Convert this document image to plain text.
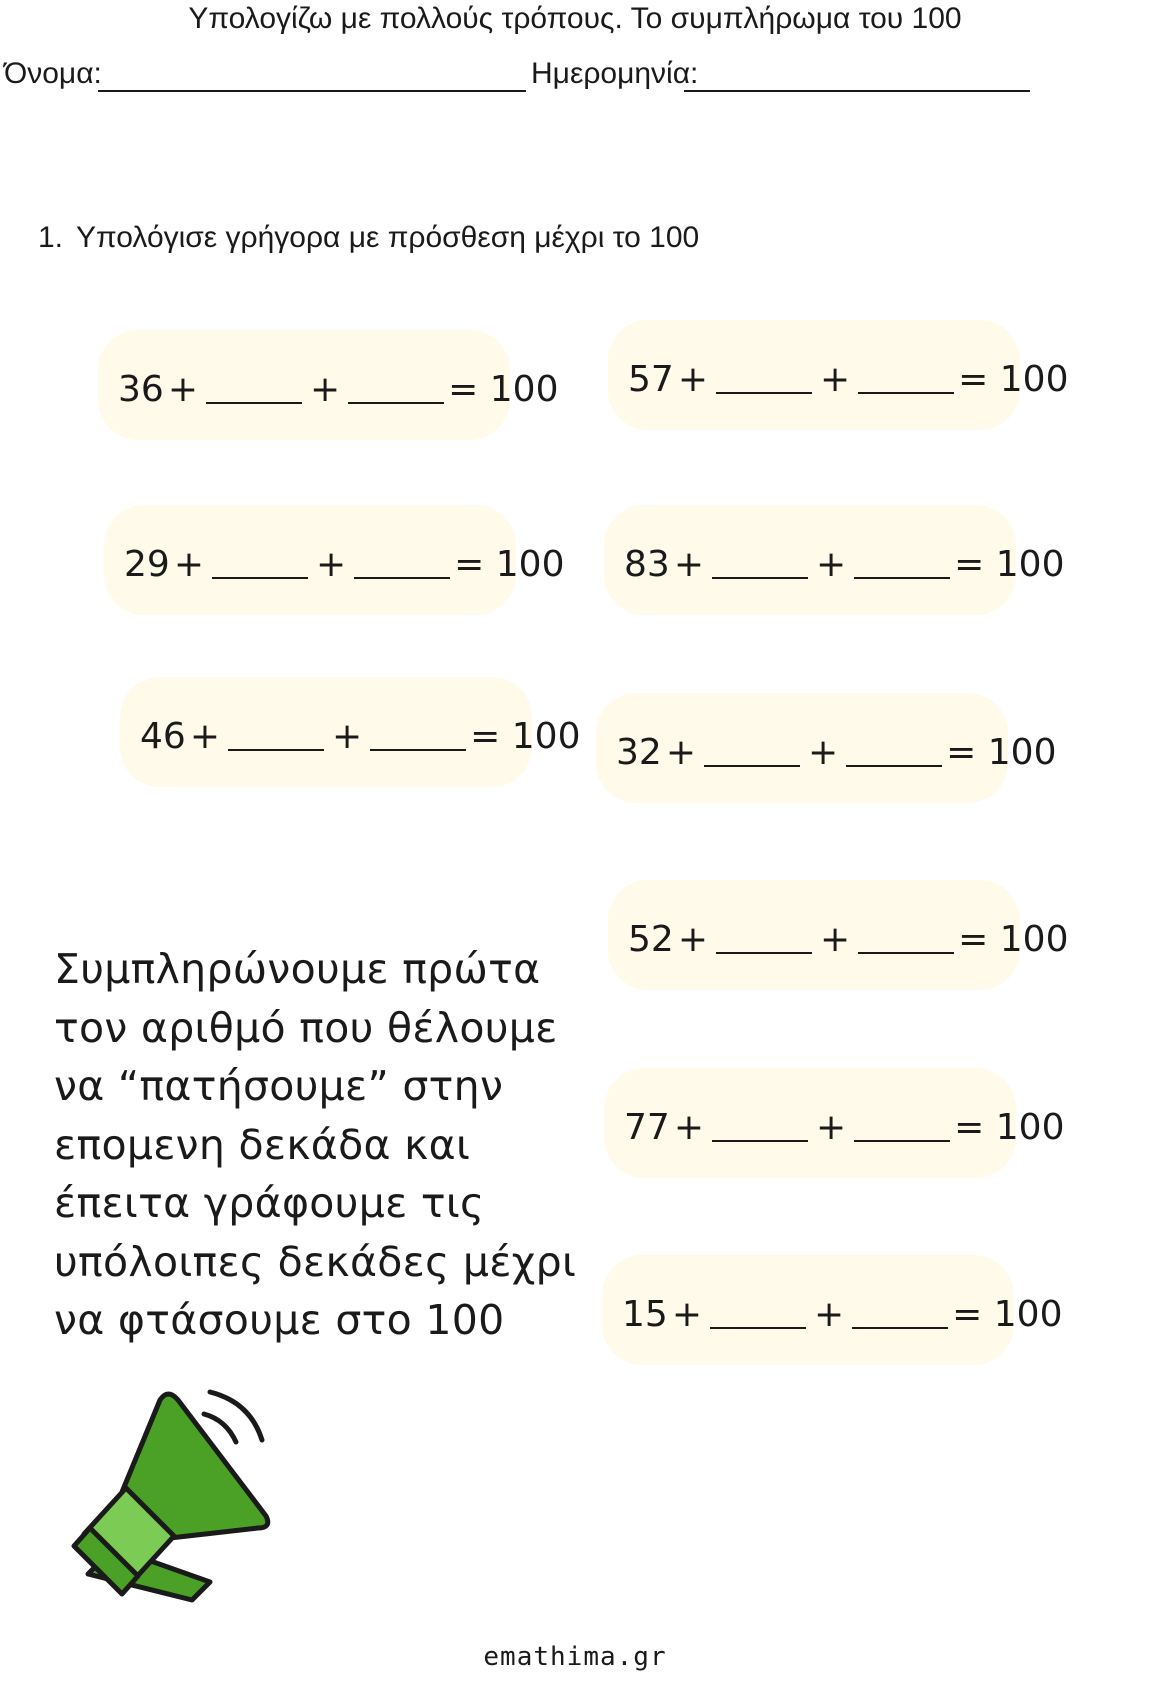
Υπολογίζω με πολλούς τρόπους. Το συμπλήρωμα του 100
Όνομα:	Ημερομηνία:
1. Υπολόγισε γρήγορα με πρόσθεση μέχρι το 100
36 +	+	= 100 57 +	+	= 100
29 +	+	= 100 83 +	+	= 100
46 +	+	= 100 32 +	+	= 100
52 +	+	= 100
77 +	+	= 100
15 +	+	= 100
Συμπληρώνουμε πρώτα
τον αριθμό που θέλουμε
να “πατήσουμε” στην
επομενη δεκάδα και
έπειτα γράφουμε τις
υπόλοιπες δεκάδες μέχρι
να φτάσουμε στο 100
emathima.gr
